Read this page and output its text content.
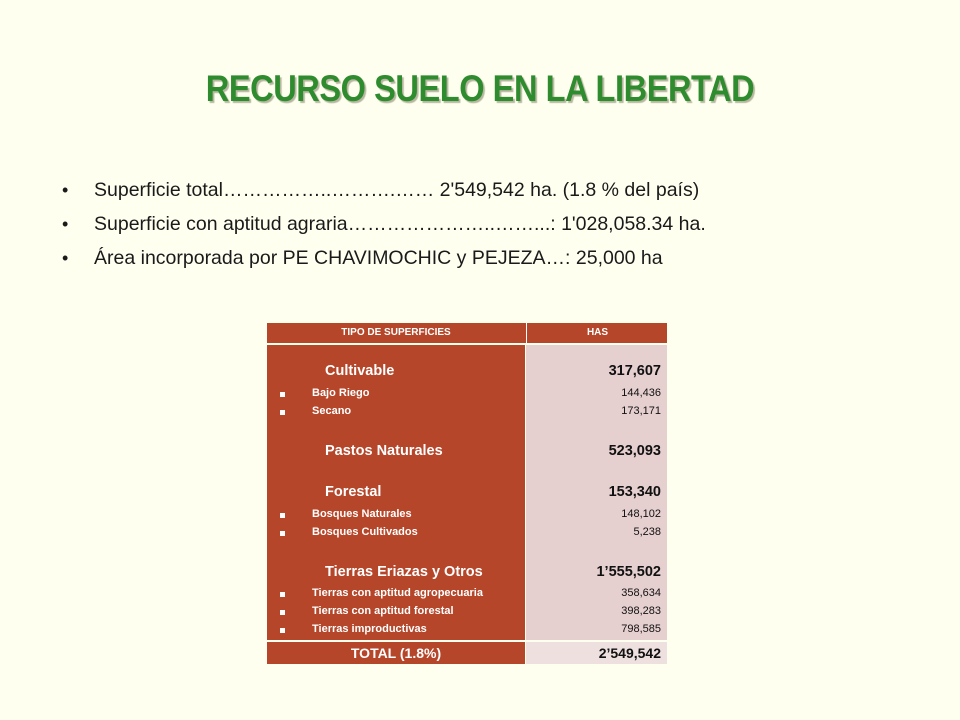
RECURSO SUELO EN LA LIBERTAD
• Superficie total……………..……….…… 2'549,542 ha. (1.8 % del país)
• Superficie con aptitud agraria…………………..……...: 1'028,058.34 ha.
• Área incorporada por PE CHAVIMOCHIC y PEJEZA…: 25,000 ha
TIPO DE SUPERFICIES	HAS
Cultivable	317,607
Bajo Riego	144,436
Secano	173,171
Pastos Naturales	523,093
Forestal	153,340
Bosques Naturales	148,102
Bosques Cultivados	5,238
Tierras Eriazas y Otros	1’555,502
Tierras con aptitud agropecuaria	358,634
Tierras con aptitud forestal	398,283
Tierras improductivas	798,585
TOTAL (1.8%)	2’549,542
